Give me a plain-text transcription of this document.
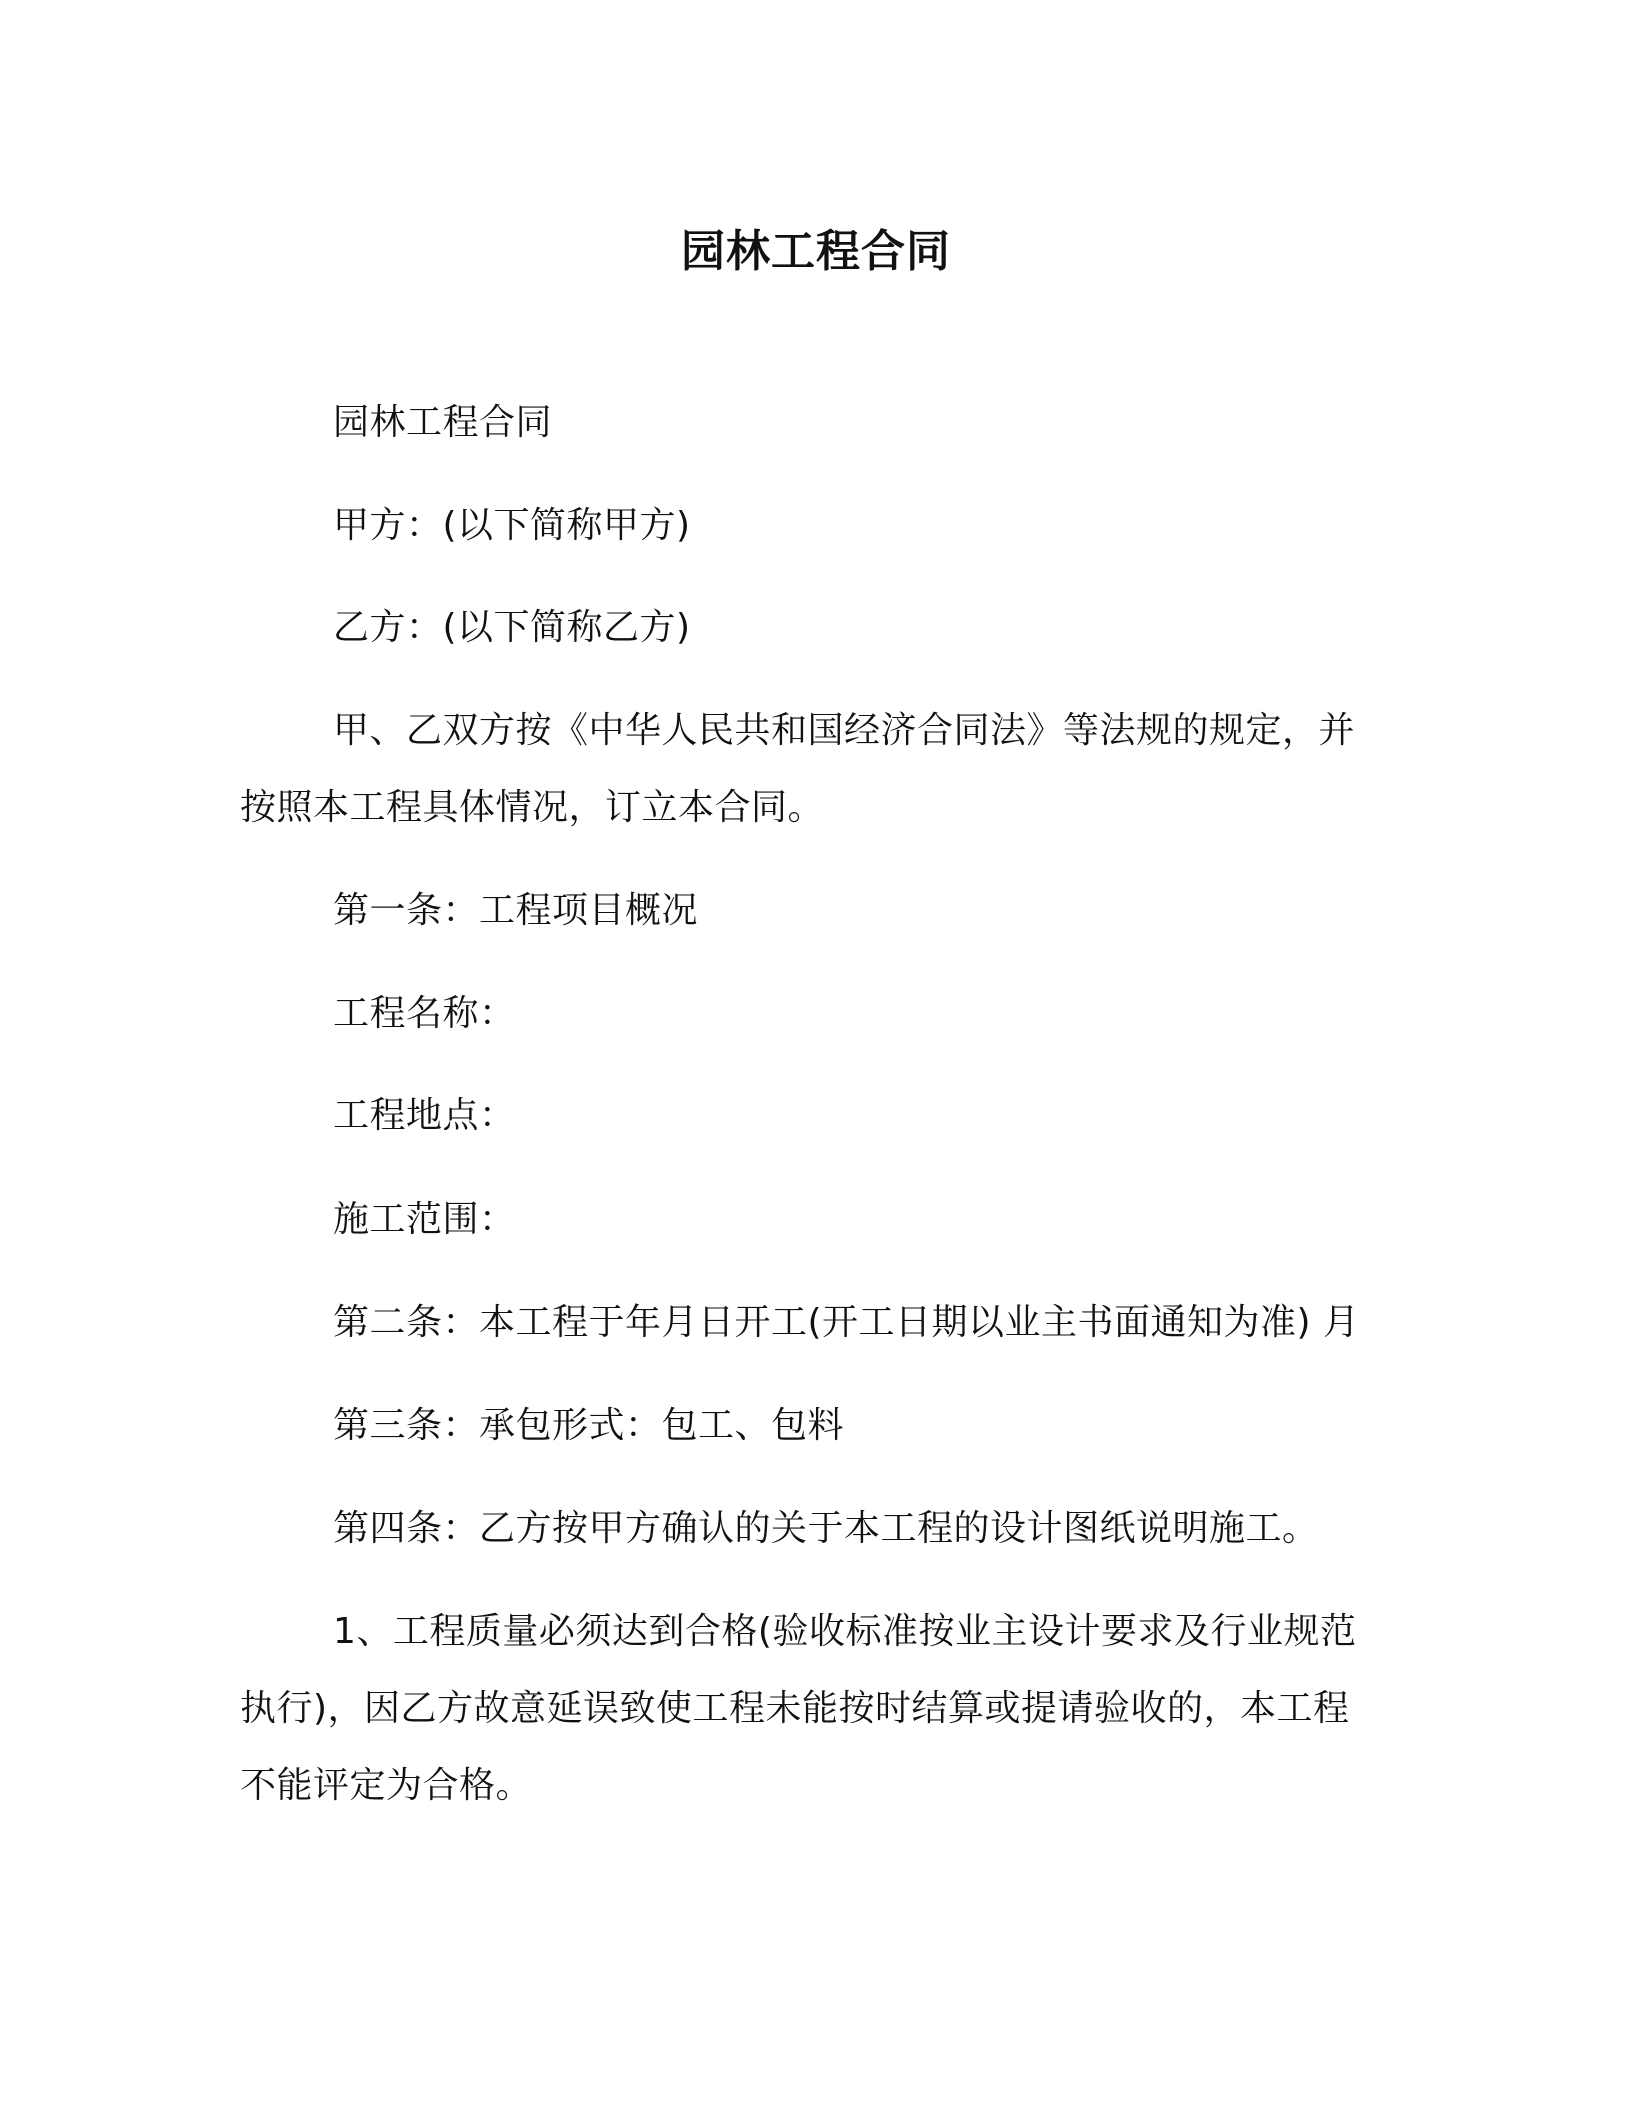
园林工程合同

园林工程合同

甲方：(以下简称甲方)

乙方：(以下简称乙方)

甲、乙双方按《中华人民共和国经济合同法》等法规的规定，并按照本工程具体情况，订立本合同。

第一条：工程项目概况

工程名称：

工程地点：

施工范围：

第二条：本工程于年月日开工(开工日期以业主书面通知为准) 月

第三条：承包形式：包工、包料

第四条：乙方按甲方确认的关于本工程的设计图纸说明施工。

1、工程质量必须达到合格(验收标准按业主设计要求及行业规范执行)，因乙方故意延误致使工程未能按时结算或提请验收的，本工程不能评定为合格。
